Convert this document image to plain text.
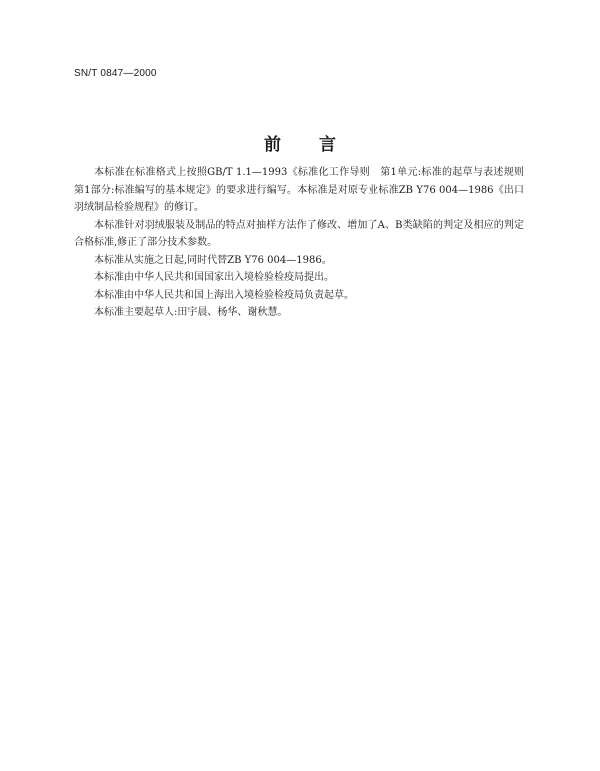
SN/T 0847—2000
前言

本标准在标准格式上按照GB/T 1.1—1993《标准化工作导则　第1单元:标准的起草与表述规则　第1部分:标准编写的基本规定》的要求进行编写。本标准是对原专业标准ZB Y76 004—1986《出口羽绒制品检验规程》的修订。

本标准针对羽绒服装及制品的特点对抽样方法作了修改、增加了A、B类缺陷的判定及相应的判定合格标准,修正了部分技术参数。

本标准从实施之日起,同时代替ZB Y76 004—1986。

本标准由中华人民共和国国家出入境检验检疫局提出。

本标准由中华人民共和国上海出入境检验检疫局负责起草。

本标准主要起草人:田宇晨、杨华、谢秋慧。
